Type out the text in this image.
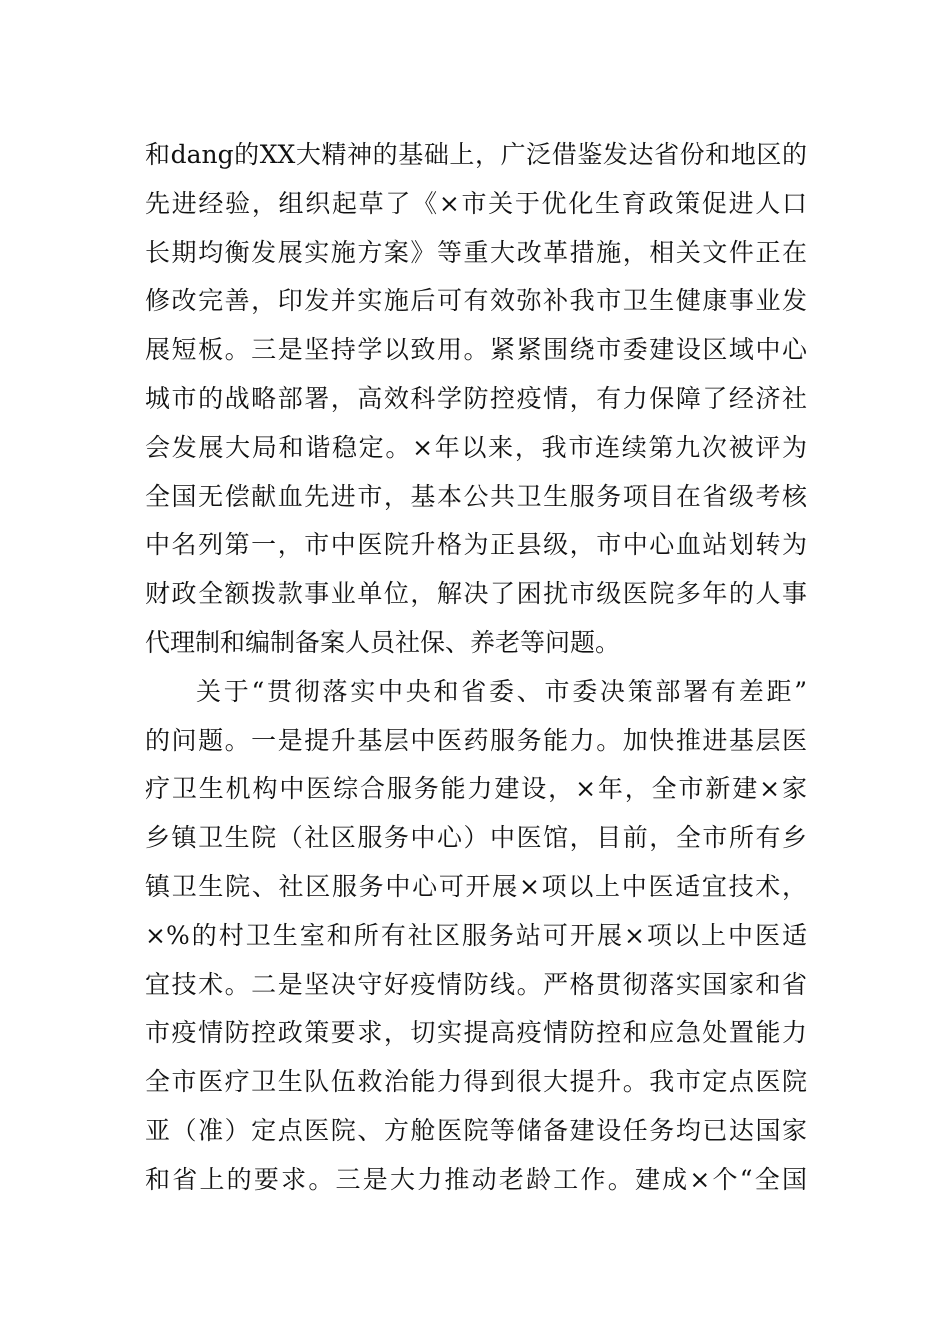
和dang的XX大精神的基础上，广泛借鉴发达省份和地区的
先进经验，组织起草了《×市关于优化生育政策促进人口
长期均衡发展实施方案》等重大改革措施，相关文件正在
修改完善，印发并实施后可有效弥补我市卫生健康事业发
展短板。三是坚持学以致用。紧紧围绕市委建设区域中心
城市的战略部署，高效科学防控疫情，有力保障了经济社
会发展大局和谐稳定。×年以来，我市连续第九次被评为
全国无偿献血先进市，基本公共卫生服务项目在省级考核
中名列第一，市中医院升格为正县级，市中心血站划转为
财政全额拨款事业单位，解决了困扰市级医院多年的人事
代理制和编制备案人员社保、养老等问题。
关于“贯彻落实中央和省委、市委决策部署有差距”
的问题。一是提升基层中医药服务能力。加快推进基层医
疗卫生机构中医综合服务能力建设，×年，全市新建×家
乡镇卫生院（社区服务中心）中医馆，目前，全市所有乡
镇卫生院、社区服务中心可开展×项以上中医适宜技术，
×%的村卫生室和所有社区服务站可开展×项以上中医适
宜技术。二是坚决守好疫情防线。严格贯彻落实国家和省
市疫情防控政策要求，切实提高疫情防控和应急处置能力
全市医疗卫生队伍救治能力得到很大提升。我市定点医院
亚（准）定点医院、方舱医院等储备建设任务均已达国家
和省上的要求。三是大力推动老龄工作。建成×个“全国
